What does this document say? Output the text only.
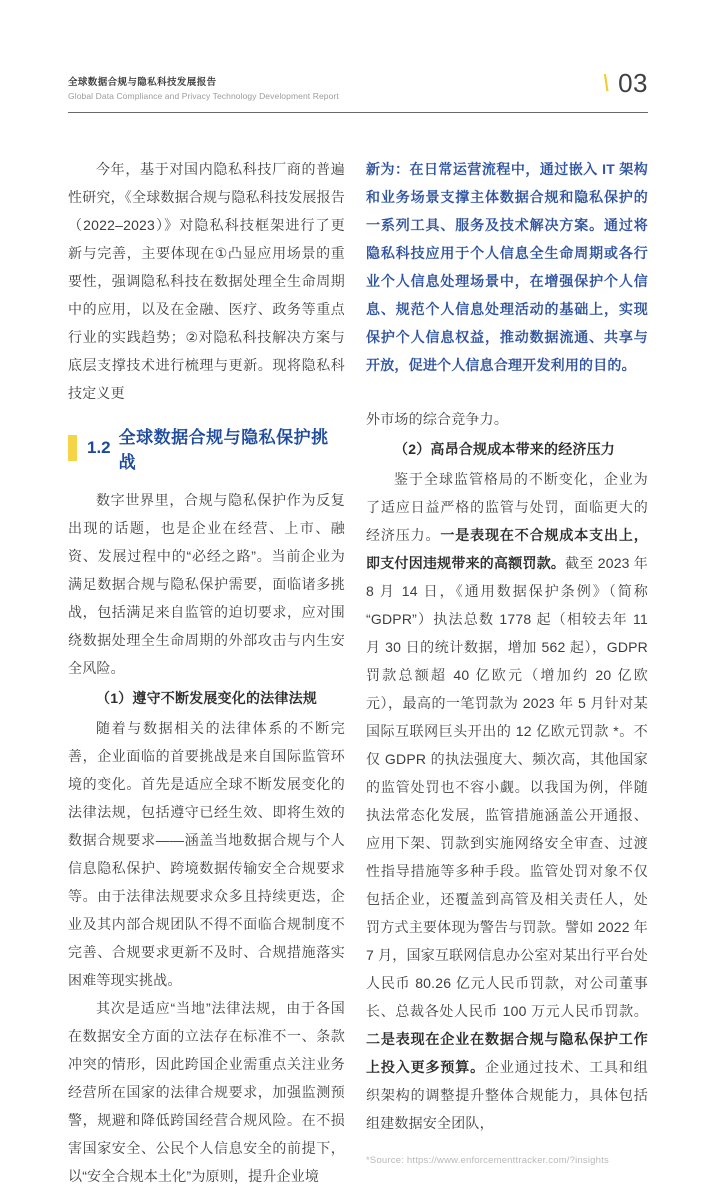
全球数据合规与隐私科技发展报告
Global Data Compliance and Privacy Technology Development Report	\ 03

今年，基于对国内隐私科技厂商的普遍性研究，《全球数据合规与隐私科技发展报告（2022–2023）》对隐私科技框架进行了更新与完善，主要体现在①凸显应用场景的重要性，强调隐私科技在数据处理全生命周期中的应用，以及在金融、医疗、政务等重点行业的实践趋势；②对隐私科技解决方案与底层支撑技术进行梳理与更新。现将隐私科技定义更

1.2
全球数据合规与隐私保护挑战

数字世界里，合规与隐私保护作为反复出现的话题，也是企业在经营、上市、融资、发展过程中的“必经之路”。当前企业为满足数据合规与隐私保护需要，面临诸多挑战，包括满足来自监管的迫切要求，应对围绕数据处理全生命周期的外部攻击与内生安全风险。

（1）遵守不断发展变化的法律法规

随着与数据相关的法律体系的不断完善，企业面临的首要挑战是来自国际监管环境的变化。首先是适应全球不断发展变化的法律法规，包括遵守已经生效、即将生效的数据合规要求——涵盖当地数据合规与个人信息隐私保护、跨境数据传输安全合规要求等。由于法律法规要求众多且持续更迭，企业及其内部合规团队不得不面临合规制度不完善、合规要求更新不及时、合规措施落实困难等现实挑战。

其次是适应“当地”法律法规，由于各国在数据安全方面的立法存在标准不一、条款冲突的情形，因此跨国企业需重点关注业务经营所在国家的法律合规要求，加强监测预警，规避和降低跨国经营合规风险。在不损害国家安全、公民个人信息安全的前提下，以“安全合规本土化”为原则，提升企业境

新为：在日常运营流程中，通过嵌入 IT 架构和业务场景支撑主体数据合规和隐私保护的一系列工具、服务及技术解决方案。通过将隐私科技应用于个人信息全生命周期或各行业个人信息处理场景中，在增强保护个人信息、规范个人信息处理活动的基础上，实现保护个人信息权益，推动数据流通、共享与开放，促进个人信息合理开发利用的目的。

外市场的综合竞争力。

（2）高昂合规成本带来的经济压力

鉴于全球监管格局的不断变化，企业为了适应日益严格的监管与处罚，面临更大的经济压力。一是表现在不合规成本支出上，即支付因违规带来的高额罚款。截至 2023 年 8 月 14 日，《通用数据保护条例》（简称“GDPR”）执法总数 1778 起（相较去年 11 月 30 日的统计数据，增加 562 起），GDPR 罚款总额超 40 亿欧元（增加约 20 亿欧元），最高的一笔罚款为 2023 年 5 月针对某国际互联网巨头开出的 12 亿欧元罚款 *。不仅 GDPR 的执法强度大、频次高，其他国家的监管处罚也不容小觑。以我国为例，伴随执法常态化发展，监管措施涵盖公开通报、应用下架、罚款到实施网络安全审查、过渡性指导措施等多种手段。监管处罚对象不仅包括企业，还覆盖到高管及相关责任人，处罚方式主要体现为警告与罚款。譬如 2022 年 7 月，国家互联网信息办公室对某出行平台处人民币 80.26 亿元人民币罚款，对公司董事长、总裁各处人民币 100 万元人民币罚款。二是表现在企业在数据合规与隐私保护工作上投入更多预算。企业通过技术、工具和组织架构的调整提升整体合规能力，具体包括组建数据安全团队，

*Source: https://www.enforcementtracker.com/?insights
